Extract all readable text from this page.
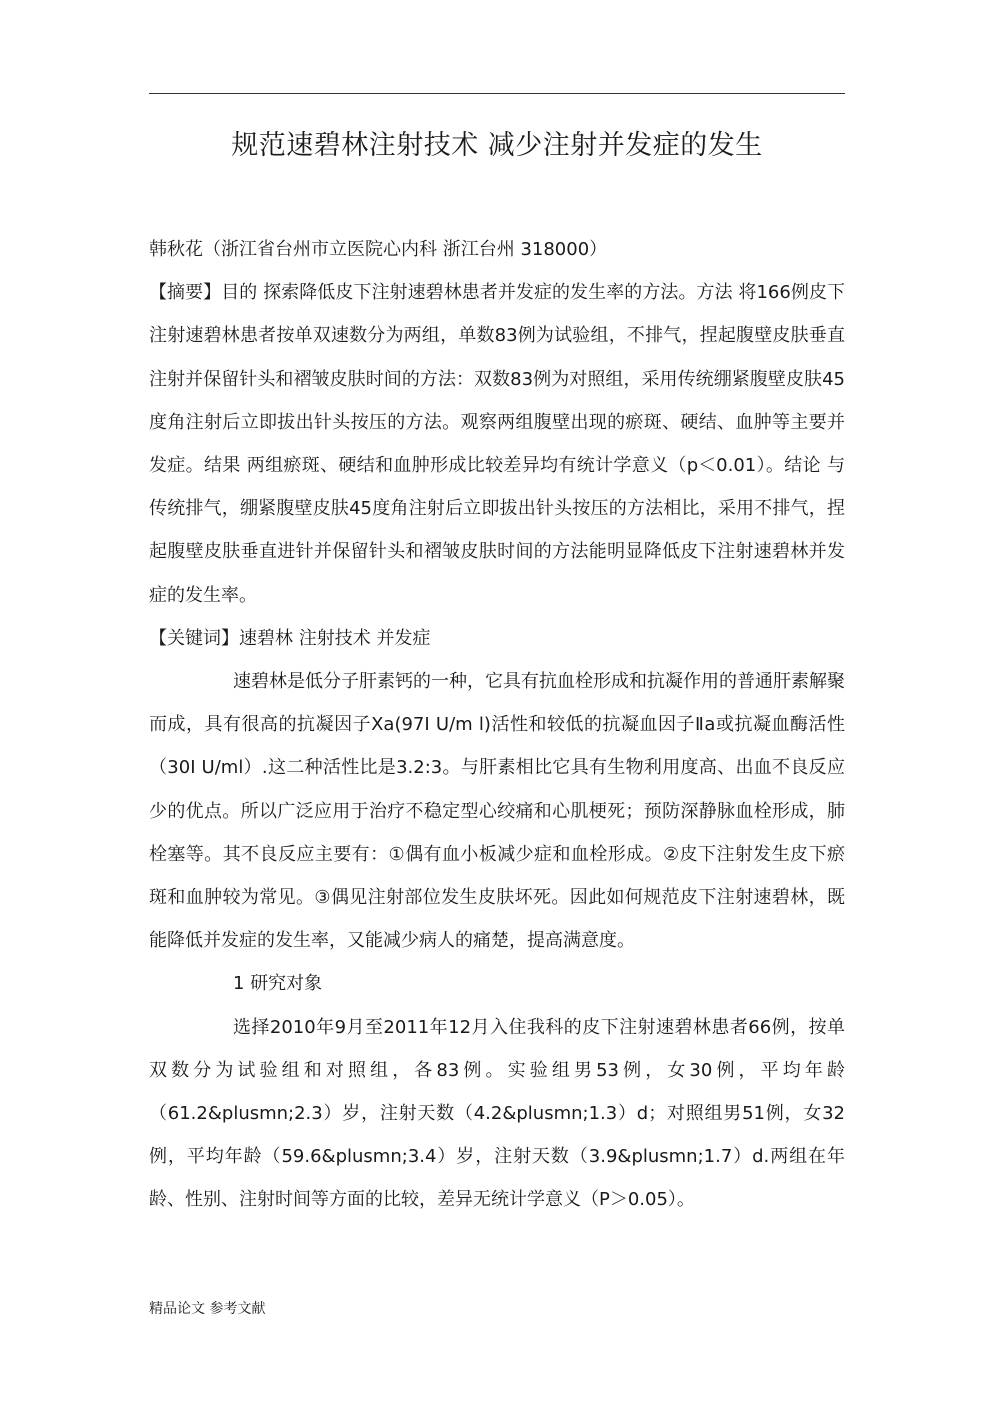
规范速碧林注射技术 减少注射并发症的发生

韩秋花（浙江省台州市立医院心内科 浙江台州 318000）

【摘要】目的 探索降低皮下注射速碧林患者并发症的发生率的方法。方法 将166例皮下注射速碧林患者按单双速数分为两组，单数83例为试验组，不排气，捏起腹壁皮肤垂直注射并保留针头和褶皱皮肤时间的方法：双数83例为对照组，采用传统绷紧腹壁皮肤45度角注射后立即拔出针头按压的方法。观察两组腹壁出现的瘀斑、硬结、血肿等主要并发症。结果 两组瘀斑、硬结和血肿形成比较差异均有统计学意义（p＜0.01）。结论 与传统排气，绷紧腹壁皮肤45度角注射后立即拔出针头按压的方法相比，采用不排气，捏起腹壁皮肤垂直进针并保留针头和褶皱皮肤时间的方法能明显降低皮下注射速碧林并发症的发生率。

【关键词】速碧林 注射技术 并发症

速碧林是低分子肝素钙的一种，它具有抗血栓形成和抗凝作用的普通肝素解聚而成，具有很高的抗凝因子Xa(97I U/m l)活性和较低的抗凝血因子Ⅱa或抗凝血酶活性（30I U/ml）.这二种活性比是3.2:3。与肝素相比它具有生物利用度高、出血不良反应少的优点。所以广泛应用于治疗不稳定型心绞痛和心肌梗死；预防深静脉血栓形成，肺栓塞等。其不良反应主要有：①偶有血小板减少症和血栓形成。②皮下注射发生皮下瘀斑和血肿较为常见。③偶见注射部位发生皮肤坏死。因此如何规范皮下注射速碧林，既能降低并发症的发生率，又能减少病人的痛楚，提高满意度。

1 研究对象

选择2010年9月至2011年12月入住我科的皮下注射速碧林患者66例，按单双数分为试验组和对照组，各83例。实验组男53例，女30例，平均年龄（61.2&plusmn;2.3）岁，注射天数（4.2&plusmn;1.3）d；对照组男51例，女32例，平均年龄（59.6&plusmn;3.4）岁，注射天数（3.9&plusmn;1.7）d.两组在年龄、性别、注射时间等方面的比较，差异无统计学意义（P＞0.05）。

精品论文 参考文献
